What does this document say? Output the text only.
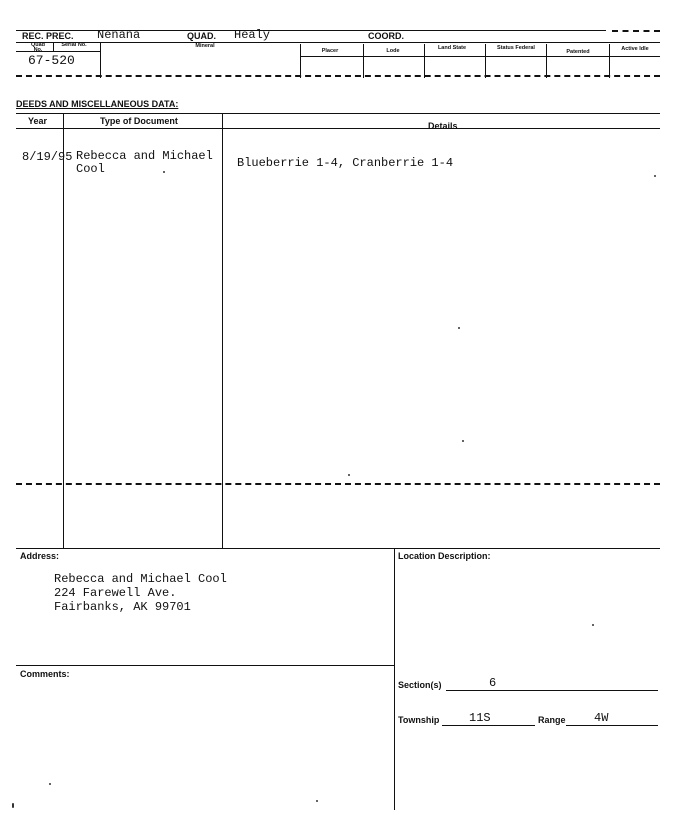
REC. PREC. Nenana	QUAD. Healy	COORD.
Quad No.
Serial No.	Mineral
Placer	Lode	Land State	Status Federal
Patented	Active Idle
67-520
DEEDS AND MISCELLANEOUS DATA:
Year	Type of Document	Details
8/19/95 Rebecca and Michael
Cool	Blueberrie 1-4, Cranberrie 1-4
Address:
Rebecca and Michael Cool
224 Farewell Ave.
Fairbanks, AK 99701
Location Description:
Section(s)	6
Township 11S	Range 4W
Comments:
